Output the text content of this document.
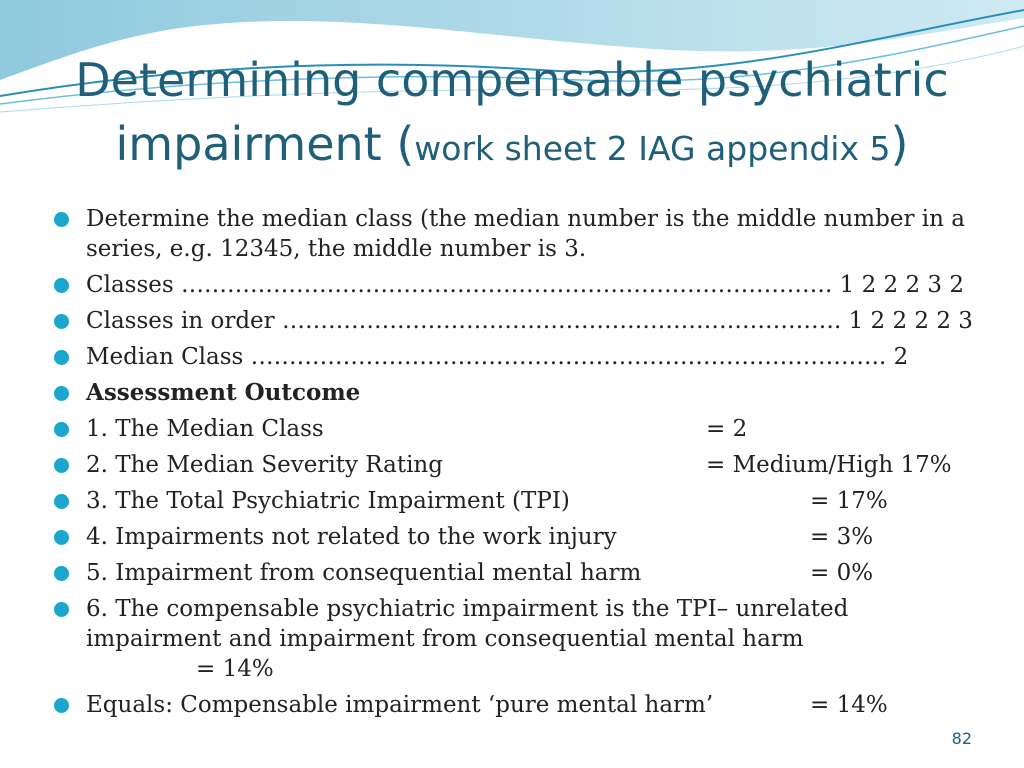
Determining compensable psychiatric
impairment (work sheet 2 IAG appendix 5)
Determine the median class (the median number is the middle number in a series, e.g. 12345, the middle number is 3.
Classes …………………………………………………………………………. 1 2 2 2 3 2
Classes in order ………………………………………………………………. 1 2 2 2 2 3
Median Class ……………………………………………………………………….. 2
Assessment Outcome
1. The Median Class	= 2
2. The Median Severity Rating	= Medium/High 17%
3. The Total Psychiatric Impairment (TPI)	= 17%
4. Impairments not related to the work injury	= 3%
5. Impairment from consequential mental harm	= 0%
6. The compensable psychiatric impairment is the TPI– unrelated impairment and impairment from consequential mental harm
= 14%
Equals: Compensable impairment ‘pure mental harm’	= 14%
82
